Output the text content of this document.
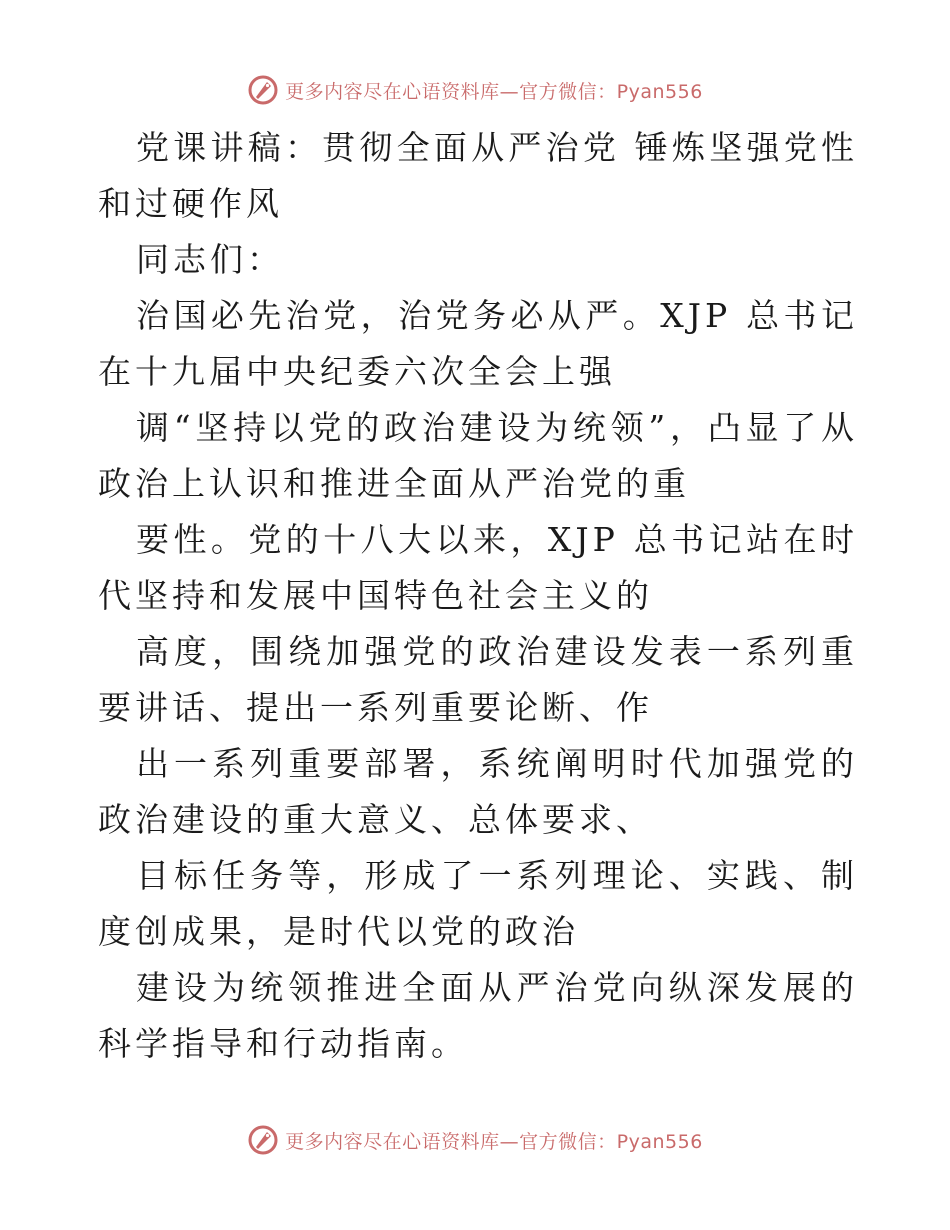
更多内容尽在心语资料库—官方微信：Pyan556

党课讲稿：贯彻全面从严治党 锤炼坚强党性和过硬作风

同志们：

治国必先治党，治党务必从严。XJP 总书记在十九届中央纪委六次全会上强

调“坚持以党的政治建设为统领”，凸显了从政治上认识和推进全面从严治党的重

要性。党的十八大以来，XJP 总书记站在时代坚持和发展中国特色社会主义的

高度，围绕加强党的政治建设发表一系列重要讲话、提出一系列重要论断、作

出一系列重要部署，系统阐明时代加强党的政治建设的重大意义、总体要求、

目标任务等，形成了一系列理论、实践、制度创成果，是时代以党的政治

建设为统领推进全面从严治党向纵深发展的科学指导和行动指南。

更多内容尽在心语资料库—官方微信：Pyan556
